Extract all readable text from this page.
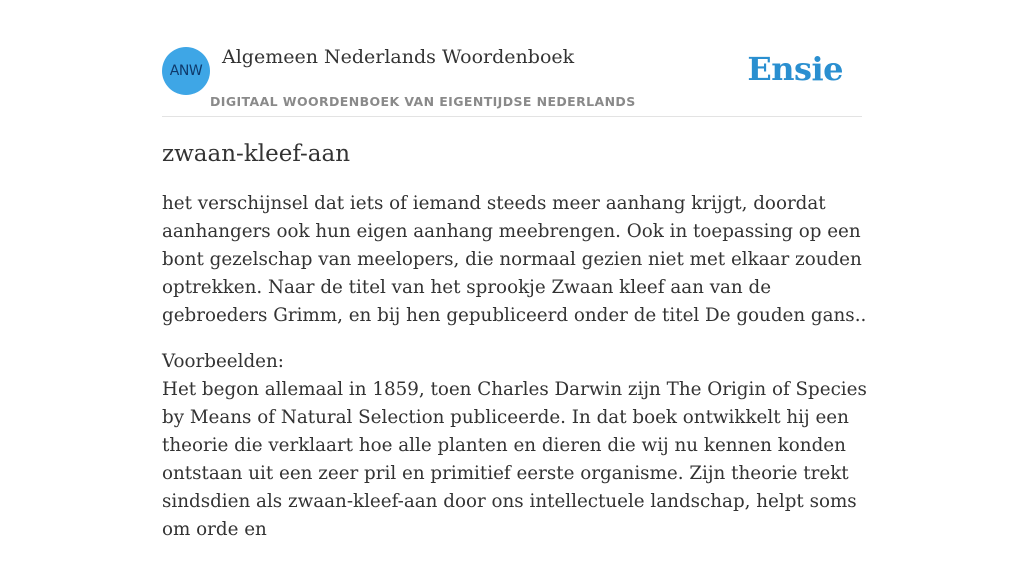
ANW
Algemeen Nederlands Woordenboek
DIGITAAL WOORDENBOEK VAN EIGENTIJDSE NEDERLANDS
Ensie
zwaan-kleef-aan

het verschijnsel dat iets of iemand steeds meer aanhang krijgt, doordat aanhangers ook hun eigen aanhang meebrengen. Ook in toepassing op een bont gezelschap van meelopers, die normaal gezien niet met elkaar zouden optrekken. Naar de titel van het sprookje Zwaan kleef aan van de gebroeders Grimm, en bij hen gepubliceerd onder de titel De gouden gans..

Voorbeelden:
Het begon allemaal in 1859, toen Charles Darwin zijn The Origin of Species by Means of Natural Selection publiceerde. In dat boek ontwikkelt hij een theorie die verklaart hoe alle planten en dieren die wij nu kennen konden ontstaan uit een zeer pril en primitief eerste organisme. Zijn theorie trekt sindsdien als zwaan-kleef-aan door ons intellectuele landschap, helpt soms om orde en
